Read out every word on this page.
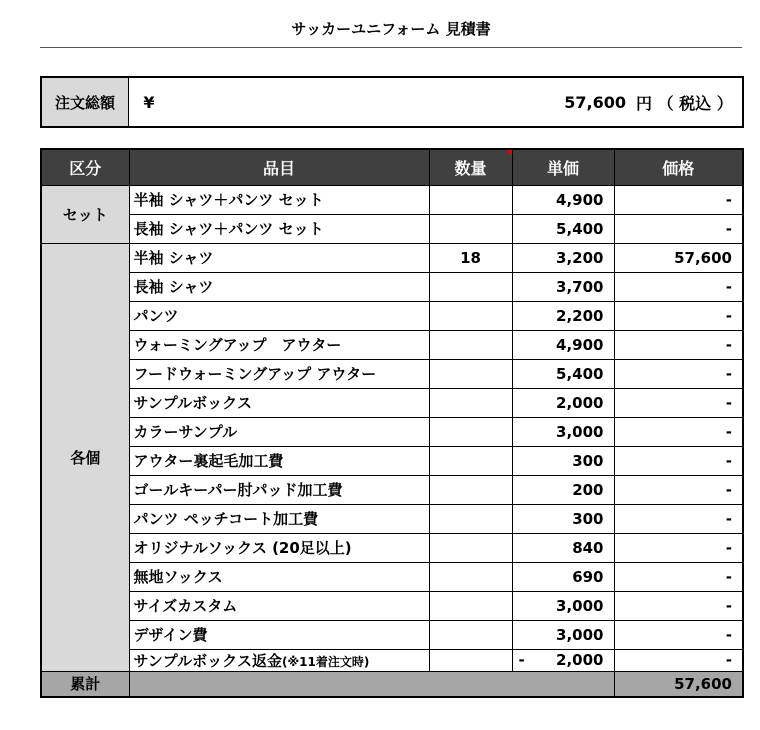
サッカーユニフォーム 見積書
注文総額	¥	57,600 円 （ 税込 ）
区分	品目	数量	単価	価格
セット	半袖 シャツ＋パンツ セット		4,900	-
	長袖 シャツ＋パンツ セット		5,400	-
各個	半袖 シャツ	18	3,200	57,600
	長袖 シャツ		3,700	-
	パンツ		2,200	-
	ウォーミングアップ　アウター		4,900	-
	フードウォーミングアップ アウター		5,400	-
	サンプルボックス		2,000	-
	カラーサンプル		3,000	-
	アウター裏起毛加工費		300	-
	ゴールキーパー肘パッド加工費		200	-
	パンツ ペッチコート加工費		300	-
	オリジナルソックス (20足以上)		840	-
	無地ソックス		690	-
	サイズカスタム		3,000	-
	デザイン費		3,000	-
	サンプルボックス返金(※11着注文時)		- 2,000	-
累計				57,600
